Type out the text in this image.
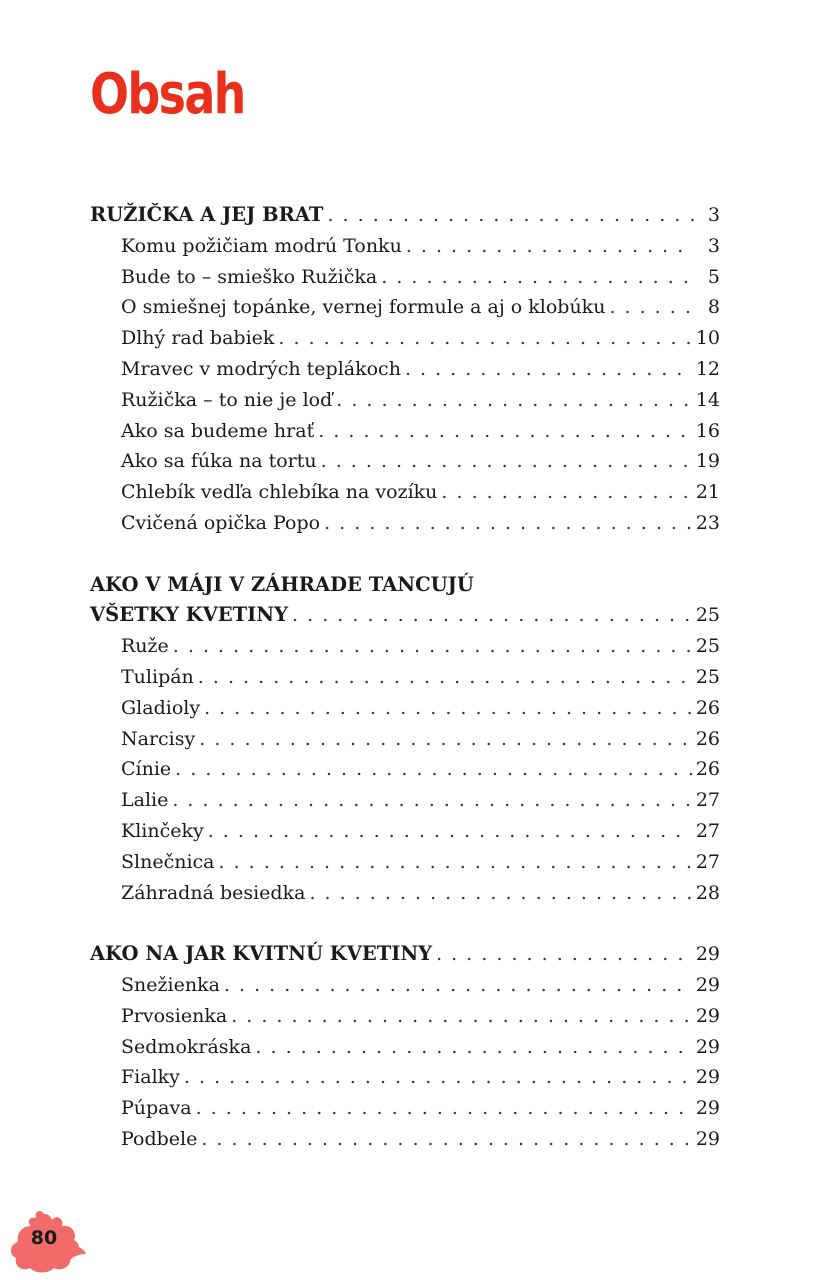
Obsah
RUŽIČKA A JEJ BRAT . . .	3
Komu požičiam modrú Tonku . . .	3
Bude to – smieško Ružička . . .	5
O smiešnej topánke, vernej formule a aj o klobúku . . .	8
Dlhý rad babiek . . .	10
Mravec v modrých teplákoch . . .	12
Ružička – to nie je loď . . .	14
Ako sa budeme hrať . . .	16
Ako sa fúka na tortu . . .	19
Chlebík vedľa chlebíka na vozíku . . .	21
Cvičená opička Popo . . .	23
AKO V MÁJI V ZÁHRADE TANCUJÚ
VŠETKY KVETINY . . .	25
Ruže . . .	25
Tulipán . . .	25
Gladioly . . .	26
Narcisy . . .	26
Cínie . . .	26
Lalie . . .	27
Klinčeky . . .	27
Slnečnica . . .	27
Záhradná besiedka . . .	28
AKO NA JAR KVITNÚ KVETINY . . .	29
Snežienka . . .	29
Prvosienka . . .	29
Sedmokráska . . .	29
Fialky . . .	29
Púpava . . .	29
Podbele . . .	29
80
